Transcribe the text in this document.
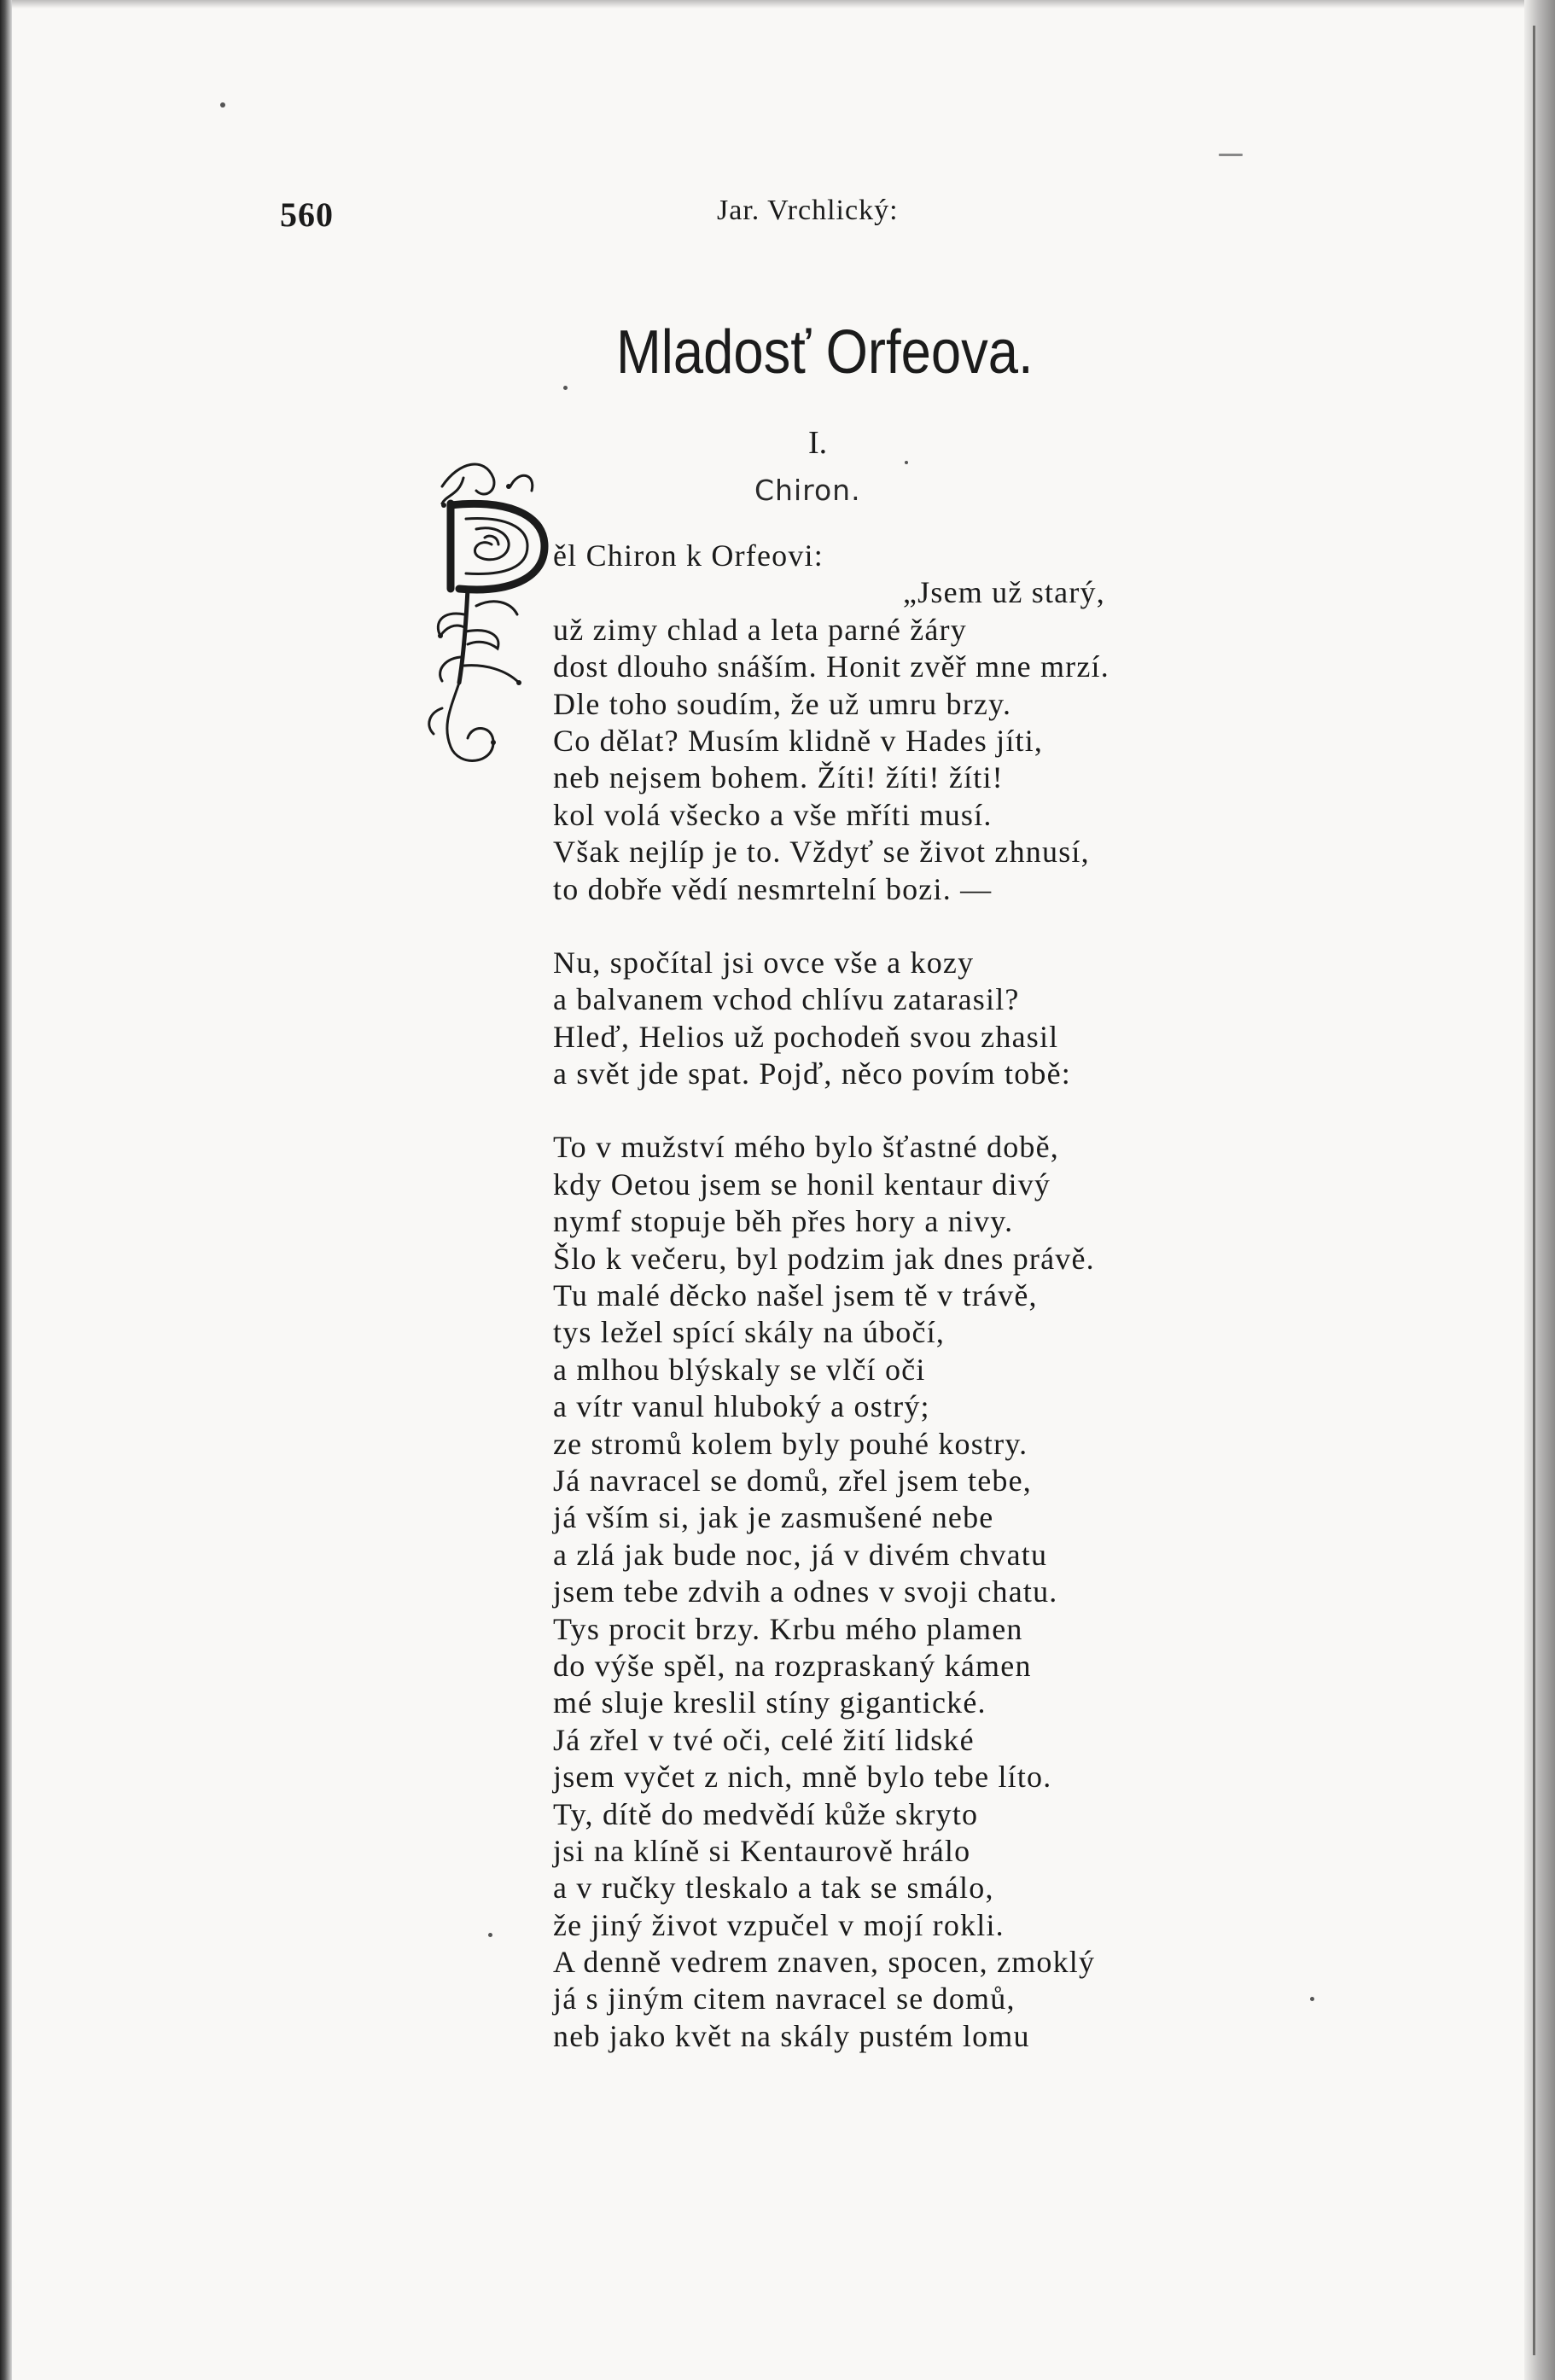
560	Jar. Vrchlický:
Mladosť Orfeova.
I.
Chiron.
ěl Chiron k Orfeovi:
„Jsem už starý,
už zimy chlad a leta parné žáry
dost dlouho snáším. Honit zvěř mne mrzí.
Dle toho soudím, že už umru brzy.
Co dělat? Musím klidně v Hades jíti,
neb nejsem bohem. Žíti! žíti! žíti!
kol volá všecko a vše mříti musí.
Však nejlíp je to. Vždyť se život zhnusí,
to dobře vědí nesmrtelní bozi. —
Nu, spočítal jsi ovce vše a kozy
a balvanem vchod chlívu zatarasil?
Hleď, Helios už pochodeň svou zhasil
a svět jde spat. Pojď, něco povím tobě:
To v mužství mého bylo šťastné době,
kdy Oetou jsem se honil kentaur divý
nymf stopuje běh přes hory a nivy.
Šlo k večeru, byl podzim jak dnes právě.
Tu malé děcko našel jsem tě v trávě,
tys ležel spící skály na úbočí,
a mlhou blýskaly se vlčí oči
a vítr vanul hluboký a ostrý;
ze stromů kolem byly pouhé kostry.
Já navracel se domů, zřel jsem tebe,
já vším si, jak je zasmušené nebe
a zlá jak bude noc, já v divém chvatu
jsem tebe zdvih a odnes v svoji chatu.
Tys procit brzy. Krbu mého plamen
do výše spěl, na rozpraskaný kámen
mé sluje kreslil stíny gigantické.
Já zřel v tvé oči, celé žití lidské
jsem vyčet z nich, mně bylo tebe líto.
Ty, dítě do medvědí kůže skryto
jsi na klíně si Kentaurově hrálo
a v ručky tleskalo a tak se smálo,
že jiný život vzpučel v mojí rokli.
A denně vedrem znaven, spocen, zmoklý
já s jiným citem navracel se domů,
neb jako květ na skály pustém lomu
